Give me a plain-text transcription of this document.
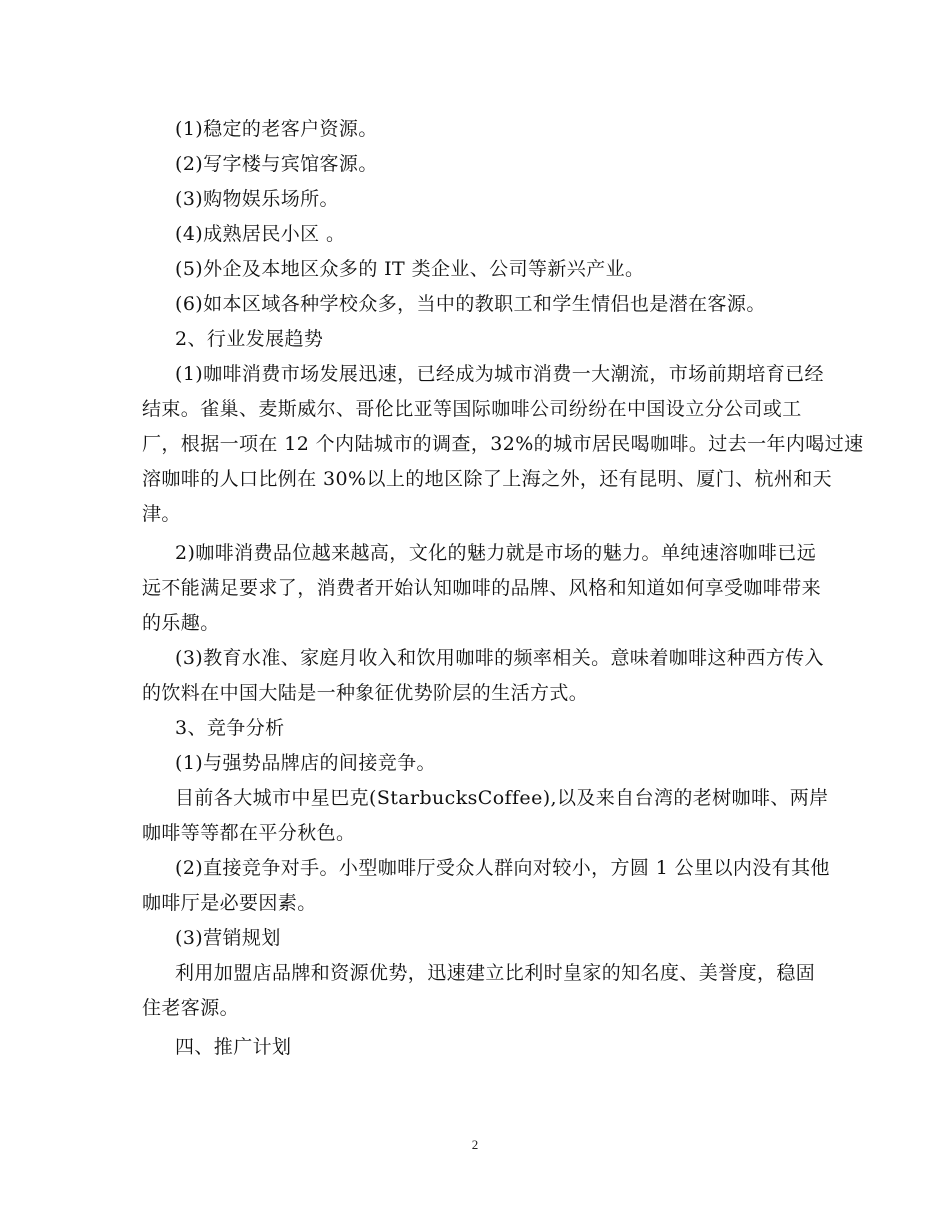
(1)稳定的老客户资源。

(2)写字楼与宾馆客源。

(3)购物娱乐场所。

(4)成熟居民小区 。

(5)外企及本地区众多的 IT 类企业、公司等新兴产业。

(6)如本区域各种学校众多，当中的教职工和学生情侣也是潜在客源。

2、行业发展趋势

(1)咖啡消费市场发展迅速，已经成为城市消费一大潮流，市场前期培育已经

结束。雀巢、麦斯威尔、哥伦比亚等国际咖啡公司纷纷在中国设立分公司或工

厂，根据一项在 12 个内陆城市的调查，32%的城市居民喝咖啡。过去一年内喝过速

溶咖啡的人口比例在 30%以上的地区除了上海之外，还有昆明、厦门、杭州和天

津。

2)咖啡消费品位越来越高，文化的魅力就是市场的魅力。单纯速溶咖啡已远

远不能满足要求了，消费者开始认知咖啡的品牌、风格和知道如何享受咖啡带来

的乐趣。

(3)教育水准、家庭月收入和饮用咖啡的频率相关。意味着咖啡这种西方传入

的饮料在中国大陆是一种象征优势阶层的生活方式。

3、竞争分析

(1)与强势品牌店的间接竞争。

目前各大城市中星巴克(StarbucksCoffee),以及来自台湾的老树咖啡、两岸

咖啡等等都在平分秋色。

(2)直接竞争对手。小型咖啡厅受众人群向对较小，方圆 1 公里以内没有其他

咖啡厅是必要因素。

(3)营销规划

利用加盟店品牌和资源优势，迅速建立比利时皇家的知名度、美誉度，稳固

住老客源。

四、推广计划

2
